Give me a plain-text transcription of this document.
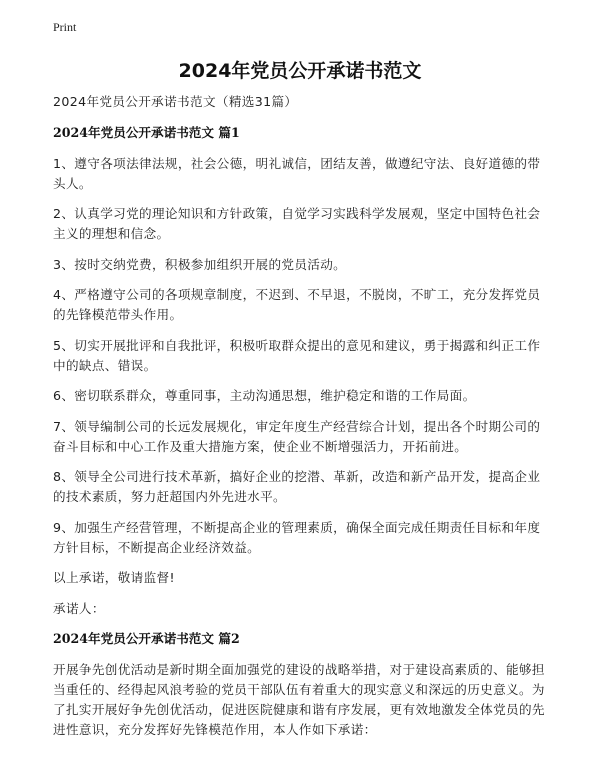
Print
2024年党员公开承诺书范文
2024年党员公开承诺书范文（精选31篇）
2024年党员公开承诺书范文 篇1
1、遵守各项法律法规，社会公德，明礼诚信，团结友善，做遵纪守法、良好道德的带头人。
2、认真学习党的理论知识和方针政策，自觉学习实践科学发展观，坚定中国特色社会主义的理想和信念。
3、按时交纳党费，积极参加组织开展的党员活动。
4、严格遵守公司的各项规章制度，不迟到、不早退，不脱岗，不旷工，充分发挥党员的先锋模范带头作用。
5、切实开展批评和自我批评，积极听取群众提出的意见和建议，勇于揭露和纠正工作中的缺点、错误。
6、密切联系群众，尊重同事，主动沟通思想，维护稳定和谐的工作局面。
7、领导编制公司的长远发展规化，审定年度生产经营综合计划，提出各个时期公司的奋斗目标和中心工作及重大措施方案，使企业不断增强活力，开拓前进。
8、领导全公司进行技术革新，搞好企业的挖潜、革新，改造和新产品开发，提高企业的技术素质，努力赶超国内外先进水平。
9、加强生产经营管理，不断提高企业的管理素质，确保全面完成任期责任目标和年度方针目标，不断提高企业经济效益。
以上承诺，敬请监督!
承诺人：
2024年党员公开承诺书范文 篇2
开展争先创优活动是新时期全面加强党的建设的战略举措，对于建设高素质的、能够担当重任的、经得起风浪考验的党员干部队伍有着重大的现实意义和深远的历史意义。为了扎实开展好争先创优活动，促进医院健康和谐有序发展，更有效地激发全体党员的先进性意识，充分发挥好先锋模范作用，本人作如下承诺：
